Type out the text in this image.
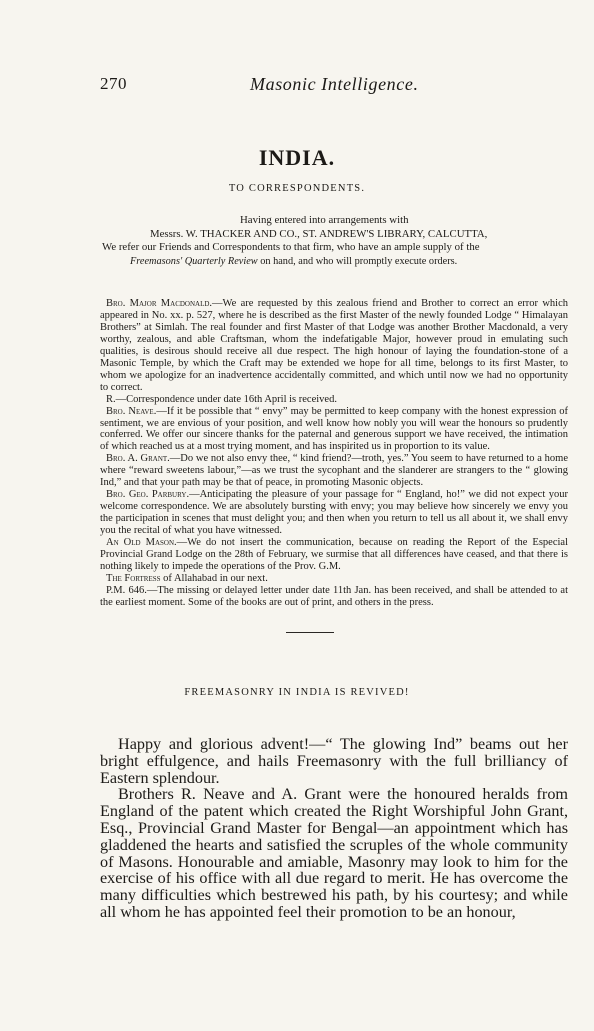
270	Masonic Intelligence.
INDIA.
TO CORRESPONDENTS.
Having entered into arrangements with
Messrs. W. THACKER AND CO., ST. ANDREW'S LIBRARY, CALCUTTA,
We refer our Friends and Correspondents to that firm, who have an ample supply of the
Freemasons' Quarterly Review on hand, and who will promptly execute orders.

Bro. Major Macdonald.—We are requested by this zealous friend and Brother to correct an error which appeared in No. xx. p. 527, where he is described as the first Master of the newly founded Lodge “ Himalayan Brothers” at Simlah. The real founder and first Master of that Lodge was another Brother Macdonald, a very worthy, zealous, and able Craftsman, whom the indefatigable Major, however proud in emulating such qualities, is desirous should receive all due respect. The high honour of laying the foundation-stone of a Masonic Temple, by which the Craft may be extended we hope for all time, belongs to its first Master, to whom we apologize for an inadvertence accidentally committed, and which until now we had no opportunity to correct.

R.—Correspondence under date 16th April is received.

Bro. Neave.—If it be possible that “ envy” may be permitted to keep company with the honest expression of sentiment, we are envious of your position, and well know how nobly you will wear the honours so prudently conferred. We offer our sincere thanks for the paternal and generous support we have received, the intimation of which reached us at a most trying moment, and has inspirited us in proportion to its value.

Bro. A. Grant.—Do we not also envy thee, “ kind friend?—troth, yes.” You seem to have returned to a home where “reward sweetens labour,”—as we trust the sycophant and the slanderer are strangers to the “ glowing Ind,” and that your path may be that of peace, in promoting Masonic objects.

Bro. Geo. Parbury.—Anticipating the pleasure of your passage for “ England, ho!” we did not expect your welcome correspondence. We are absolutely bursting with envy; you may believe how sincerely we envy you the participation in scenes that must delight you; and then when you return to tell us all about it, we shall envy you the recital of what you have witnessed.

An Old Mason.—We do not insert the communication, because on reading the Report of the Especial Provincial Grand Lodge on the 28th of February, we surmise that all differences have ceased, and that there is nothing likely to impede the operations of the Prov. G.M.

The Fortress of Allahabad in our next.

P.M. 646.—The missing or delayed letter under date 11th Jan. has been received, and shall be attended to at the earliest moment. Some of the books are out of print, and others in the press.

FREEMASONRY IN INDIA IS REVIVED!

Happy and glorious advent!—“ The glowing Ind” beams out her bright effulgence, and hails Freemasonry with the full brilliancy of Eastern splendour.

Brothers R. Neave and A. Grant were the honoured heralds from England of the patent which created the Right Worshipful John Grant, Esq., Provincial Grand Master for Bengal—an appointment which has gladdened the hearts and satisfied the scruples of the whole community of Masons. Honourable and amiable, Masonry may look to him for the exercise of his office with all due regard to merit. He has overcome the many difficulties which bestrewed his path, by his courtesy; and while all whom he has appointed feel their promotion to be an honour,
